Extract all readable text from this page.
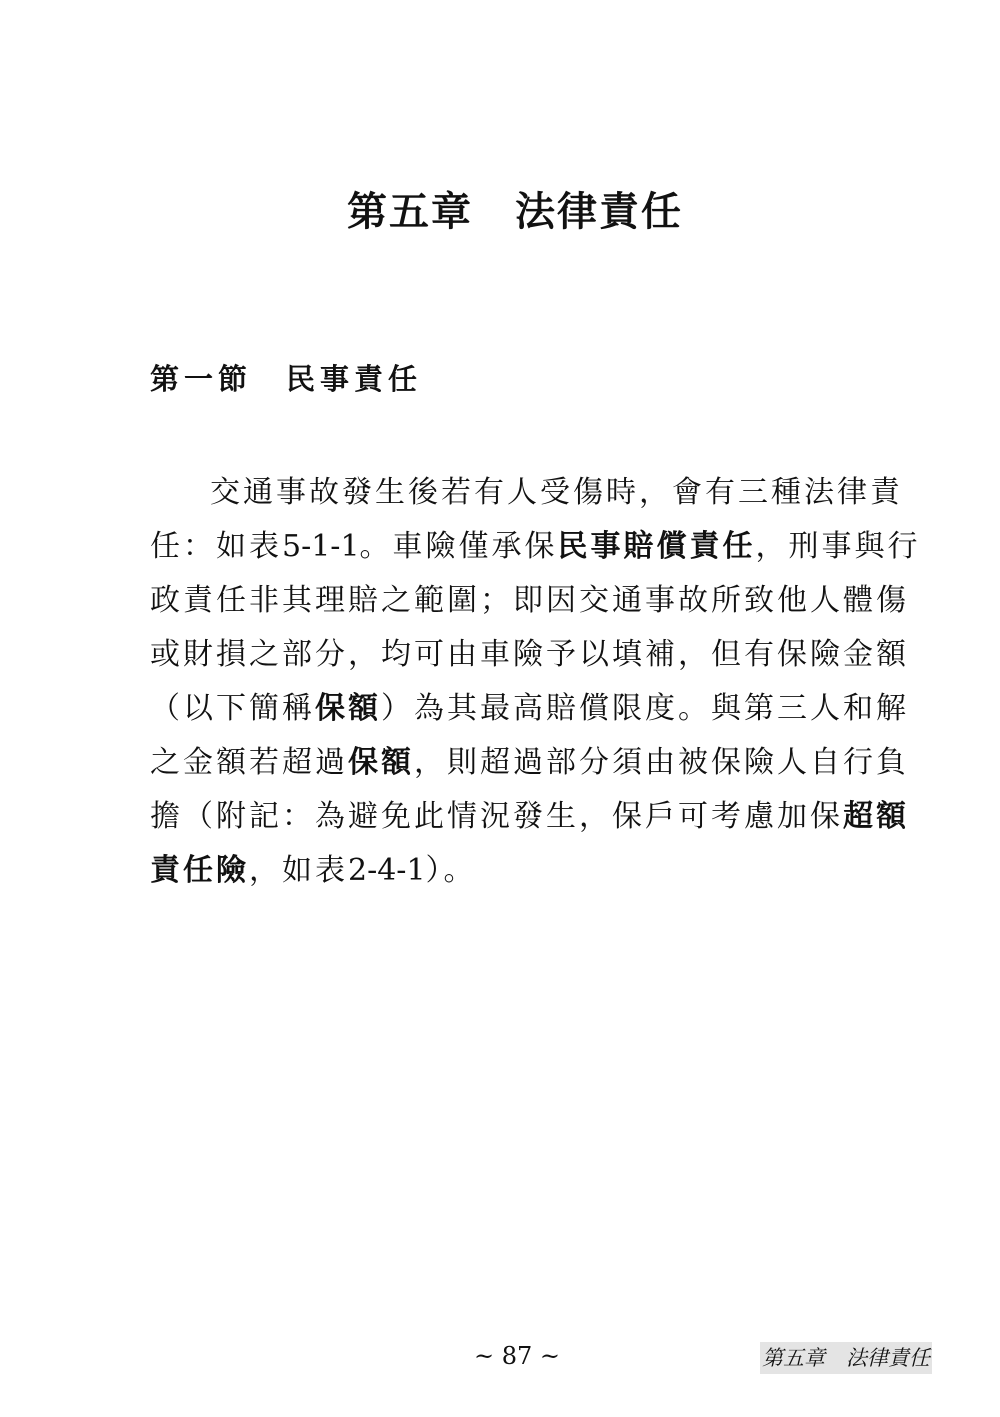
第五章　法律責任
第一節　民事責任
交通事故發生後若有人受傷時，會有三種法律責
任：如表5-1-1。車險僅承保民事賠償責任，刑事與行
政責任非其理賠之範圍；即因交通事故所致他人體傷
或財損之部分，均可由車險予以填補，但有保險金額
（以下簡稱保額）為其最高賠償限度。與第三人和解
之金額若超過保額，則超過部分須由被保險人自行負
擔（附記：為避免此情況發生，保戶可考慮加保超額
責任險，如表2-4-1）。
~ 87 ~	第五章　法律責任
